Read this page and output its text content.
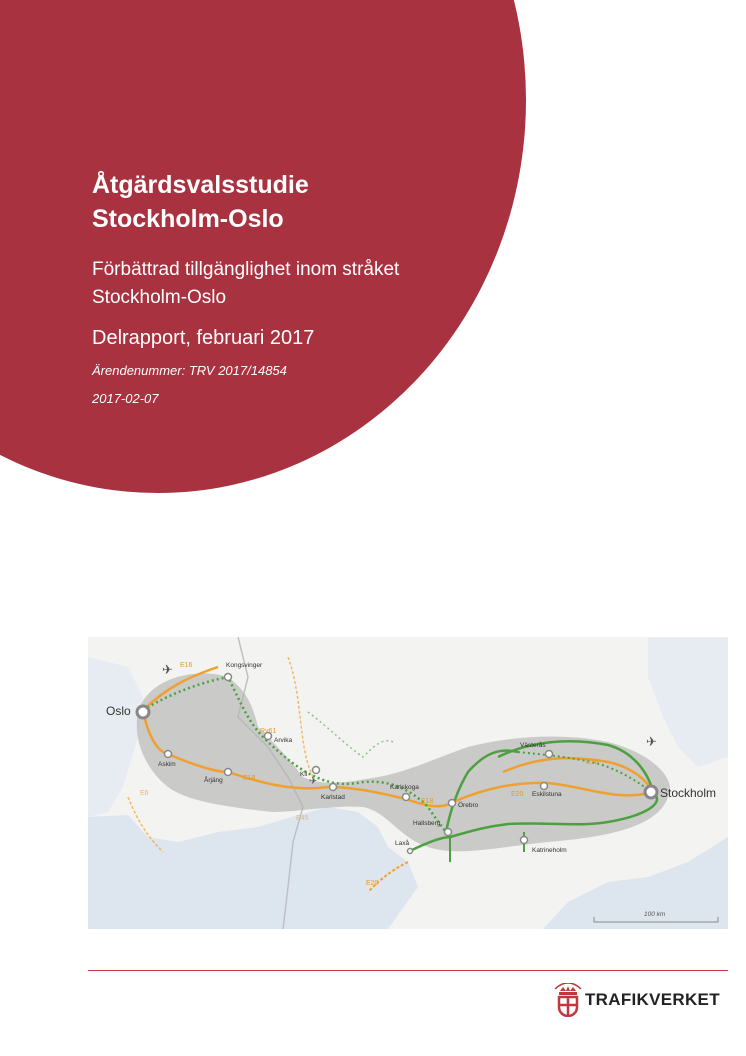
Åtgärdsvalsstudie
Stockholm-Oslo
Förbättrad tillgänglighet inom stråket
Stockholm-Oslo
Delrapport, februari 2017
Ärendenummer: TRV 2017/14854
2017-02-07
✈
✈
✈
Oslo
Stockholm
Kongsvinger
Askim
Årjäng
Arvika
Kil
Karlstad
Karlskoga
Örebro
Hallsberg
Laxå
Västerås
Eskilstuna
Katrineholm
E16
E18
E18
E18
E20
Rv61
E6
E45
E20
100 km
TRAFIKVERKET
